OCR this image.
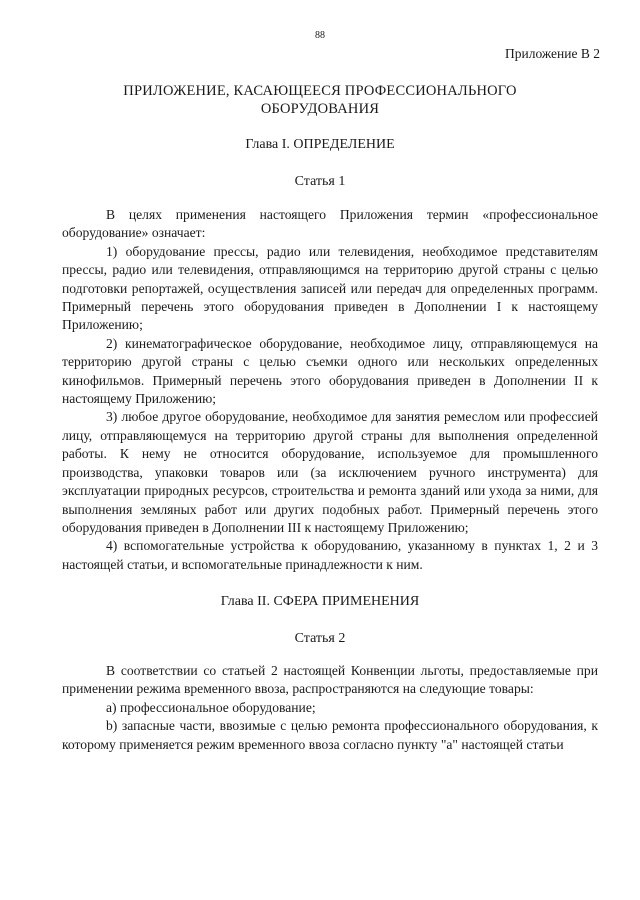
88
Приложение В 2
ПРИЛОЖЕНИЕ, КАСАЮЩЕЕСЯ ПРОФЕССИОНАЛЬНОГО
ОБОРУДОВАНИЯ
Глава I. ОПРЕДЕЛЕНИЕ
Статья 1

В целях применения настоящего Приложения термин «профессиональное оборудование» означает:

1) оборудование прессы, радио или телевидения, необходимое представителям прессы, радио или телевидения, отправляющимся на территорию другой страны с целью подготовки репортажей, осуществления записей или передач для определенных программ. Примерный перечень этого оборудования приведен в Дополнении I к настоящему Приложению;

2) кинематографическое оборудование, необходимое лицу, отправляющемуся на территорию другой страны с целью съемки одного или нескольких определенных кинофильмов. Примерный перечень этого оборудования приведен в Дополнении II к настоящему Приложению;

3) любое другое оборудование, необходимое для занятия ремеслом или профессией лицу, отправляющемуся на территорию другой страны для выполнения определенной работы. К нему не относится оборудование, используемое для промышленного производства, упаковки товаров или (за исключением ручного инструмента) для эксплуатации природных ресурсов, строительства и ремонта зданий или ухода за ними, для выполнения земляных работ или других подобных работ. Примерный перечень этого оборудования приведен в Дополнении III к настоящему Приложению;

4) вспомогательные устройства к оборудованию, указанному в пунктах 1, 2 и 3 настоящей статьи, и вспомогательные принадлежности к ним.

Глава II. СФЕРА ПРИМЕНЕНИЯ
Статья 2

В соответствии со статьей 2 настоящей Конвенции льготы, предоставляемые при применении режима временного ввоза, распространяются на следующие товары:

a) профессиональное оборудование;

b) запасные части, ввозимые с целью ремонта профессионального оборудования, к которому применяется режим временного ввоза согласно пункту "а" настоящей статьи
